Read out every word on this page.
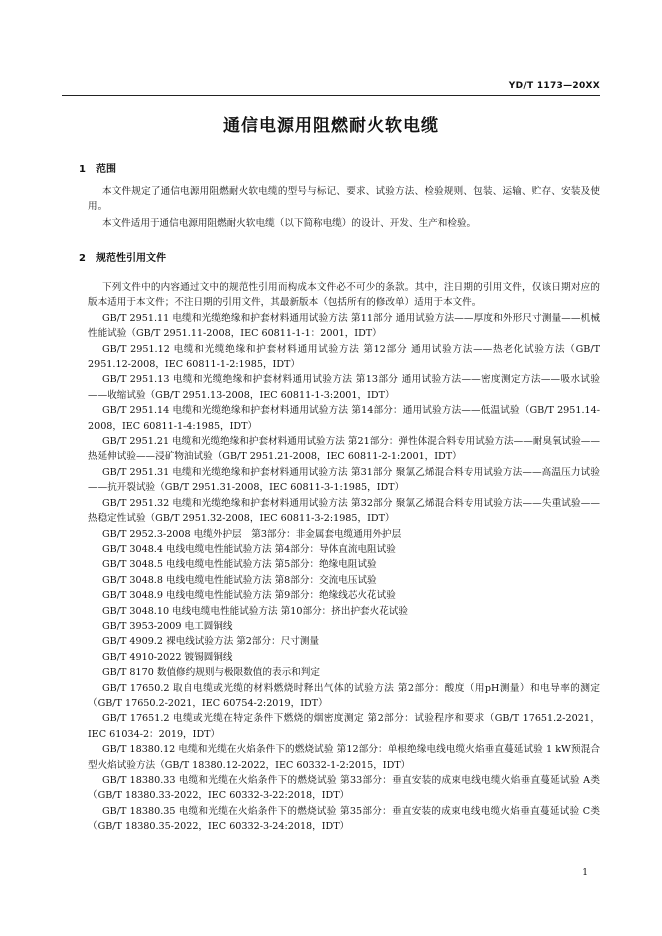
YD/T 1173—20XX
通信电源用阻燃耐火软电缆
1 范围

本文件规定了通信电源用阻燃耐火软电缆的型号与标记、要求、试验方法、检验规则、包装、运输、贮存、安装及使用。

本文件适用于通信电源用阻燃耐火软电缆（以下简称电缆）的设计、开发、生产和检验。

2 规范性引用文件

下列文件中的内容通过文中的规范性引用而构成本文件必不可少的条款。其中，注日期的引用文件，仅该日期对应的版本适用于本文件；不注日期的引用文件，其最新版本（包括所有的修改单）适用于本文件。

GB/T 2951.11 电缆和光缆绝缘和护套材料通用试验方法 第11部分 通用试验方法——厚度和外形尺寸测量——机械性能试验（GB/T 2951.11-2008，IEC 60811-1-1：2001，IDT）

GB/T 2951.12 电缆和光缆绝缘和护套材料通用试验方法 第12部分 通用试验方法——热老化试验方法（GB/T 2951.12-2008，IEC 60811-1-2:1985，IDT）

GB/T 2951.13 电缆和光缆绝缘和护套材料通用试验方法 第13部分 通用试验方法——密度测定方法——吸水试验——收缩试验（GB/T 2951.13-2008，IEC 60811-1-3:2001，IDT）

GB/T 2951.14 电缆和光缆绝缘和护套材料通用试验方法 第14部分：通用试验方法——低温试验（GB/T 2951.14-2008，IEC 60811-1-4:1985，IDT）

GB/T 2951.21 电缆和光缆绝缘和护套材料通用试验方法 第21部分：弹性体混合料专用试验方法——耐臭氧试验——热延伸试验——浸矿物油试验（GB/T 2951.21-2008，IEC 60811-2-1:2001，IDT）

GB/T 2951.31 电缆和光缆绝缘和护套材料通用试验方法 第31部分 聚氯乙烯混合料专用试验方法——高温压力试验——抗开裂试验（GB/T 2951.31-2008，IEC 60811-3-1:1985，IDT）

GB/T 2951.32 电缆和光缆绝缘和护套材料通用试验方法 第32部分 聚氯乙烯混合料专用试验方法——失重试验——热稳定性试验（GB/T 2951.32-2008，IEC 60811-3-2:1985，IDT）

GB/T 2952.3-2008 电缆外护层　第3部分：非金属套电缆通用外护层

GB/T 3048.4 电线电缆电性能试验方法 第4部分：导体直流电阻试验

GB/T 3048.5 电线电缆电性能试验方法 第5部分：绝缘电阻试验

GB/T 3048.8 电线电缆电性能试验方法 第8部分：交流电压试验

GB/T 3048.9 电线电缆电性能试验方法 第9部分：绝缘线芯火花试验

GB/T 3048.10 电线电缆电性能试验方法 第10部分：挤出护套火花试验

GB/T 3953-2009 电工圆铜线

GB/T 4909.2 裸电线试验方法 第2部分：尺寸测量

GB/T 4910-2022 镀锡圆铜线

GB/T 8170 数值修约规则与极限数值的表示和判定

GB/T 17650.2 取自电缆或光缆的材料燃烧时释出气体的试验方法 第2部分：酸度（用pH测量）和电导率的测定（GB/T 17650.2-2021，IEC 60754-2:2019，IDT）

GB/T 17651.2 电缆或光缆在特定条件下燃烧的烟密度测定 第2部分：试验程序和要求（GB/T 17651.2-2021，IEC 61034-2：2019，IDT）

GB/T 18380.12 电缆和光缆在火焰条件下的燃烧试验 第12部分：单根绝缘电线电缆火焰垂直蔓延试验 1 kW预混合型火焰试验方法（GB/T 18380.12-2022，IEC 60332-1-2:2015，IDT）

GB/T 18380.33 电缆和光缆在火焰条件下的燃烧试验 第33部分：垂直安装的成束电线电缆火焰垂直蔓延试验 A类（GB/T 18380.33-2022，IEC 60332-3-22:2018，IDT）

GB/T 18380.35 电缆和光缆在火焰条件下的燃烧试验 第35部分：垂直安装的成束电线电缆火焰垂直蔓延试验 C类（GB/T 18380.35-2022，IEC 60332-3-24:2018，IDT）

1
